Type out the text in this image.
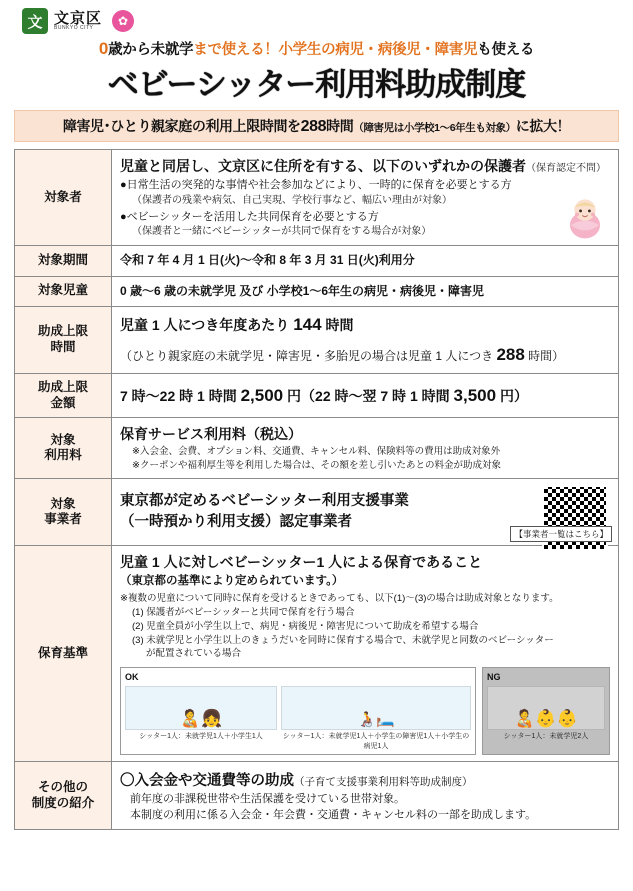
文 文京区
BUNKYO CITY
✿
0歳から未就学まで使える！小学生の病児・病後児・障害児も使える
ベビーシッター利用料助成制度
障害児･ひとり親家庭の利用上限時間を288時間（障害児は小学校1～6年生も対象）に拡大！
対象者	児童と同居し、文京区に住所を有する、以下のいずれかの保護者（保育認定不問）
●日常生活の突発的な事情や社会参加などにより、一時的に保育を必要とする方
（保護者の残業や病気、自己実現、学校行事など、幅広い理由が対象）
●ベビーシッターを活用した共同保育を必要とする方
（保護者と一緒にベビーシッターが共同で保育をする場合が対象）

対象期間	令和 7 年 4 月 1 日(火)～令和 8 年 3 月 31 日(火)利用分
対象児童	0 歳～6 歳の未就学児 及び 小学校1～6年生の病児・病後児・障害児

助成上限
時間

児童 1 人につき年度あたり 144 時間
（ひとり親家庭の未就学児・障害児・多胎児の場合は児童 1 人につき 288 時間）

助成上限
金額	7 時～22 時 1 時間 2,500 円（22 時～翌 7 時 1 時間 3,500 円）

対象
利用料

保育サービス利用料（税込）
※入会金、会費、オプション料、交通費、キャンセル料、保険料等の費用は助成対象外
※クーポンや福利厚生等を利用した場合は、その額を差し引いたあとの料金が助成対象

対象
事業者

東京都が定めるベビーシッター利用支援事業
（一時預かり利用支援）認定事業者
【事業者一覧はこちら】

保育基準	
児童 1 人に対しベビーシッター1 人による保育であること
（東京都の基準により定められています。）
※複数の児童について同時に保育を受けるときであっても、以下(1)～(3)の場合は助成対象となります。
(1) 保護者がベビーシッターと共同で保育を行う場合
(2) 児童全員が小学生以上で、病児・病後児・障害児について助成を希望する場合
(3) 未就学児と小学生以上のきょうだいを同時に保育する場合で、未就学児と同数のベビーシッター
が配置されている場合
OK
🧑‍🍼👧
シッター1人：未就学児1人＋小学生1人
🧑‍🦽🛏️
シッター1人：未就学児1人＋小学生の障害児1人＋小学生の病児1人
NG
🧑‍🍼👶👶
シッター1人：未就学児2人

その他の
制度の紹介

〇入会金や交通費等の助成（子育て支援事業利用料等助成制度）
前年度の非課税世帯や生活保護を受けている世帯対象。
本制度の利用に係る入会金・年会費・交通費・キャンセル料の一部を助成します。
